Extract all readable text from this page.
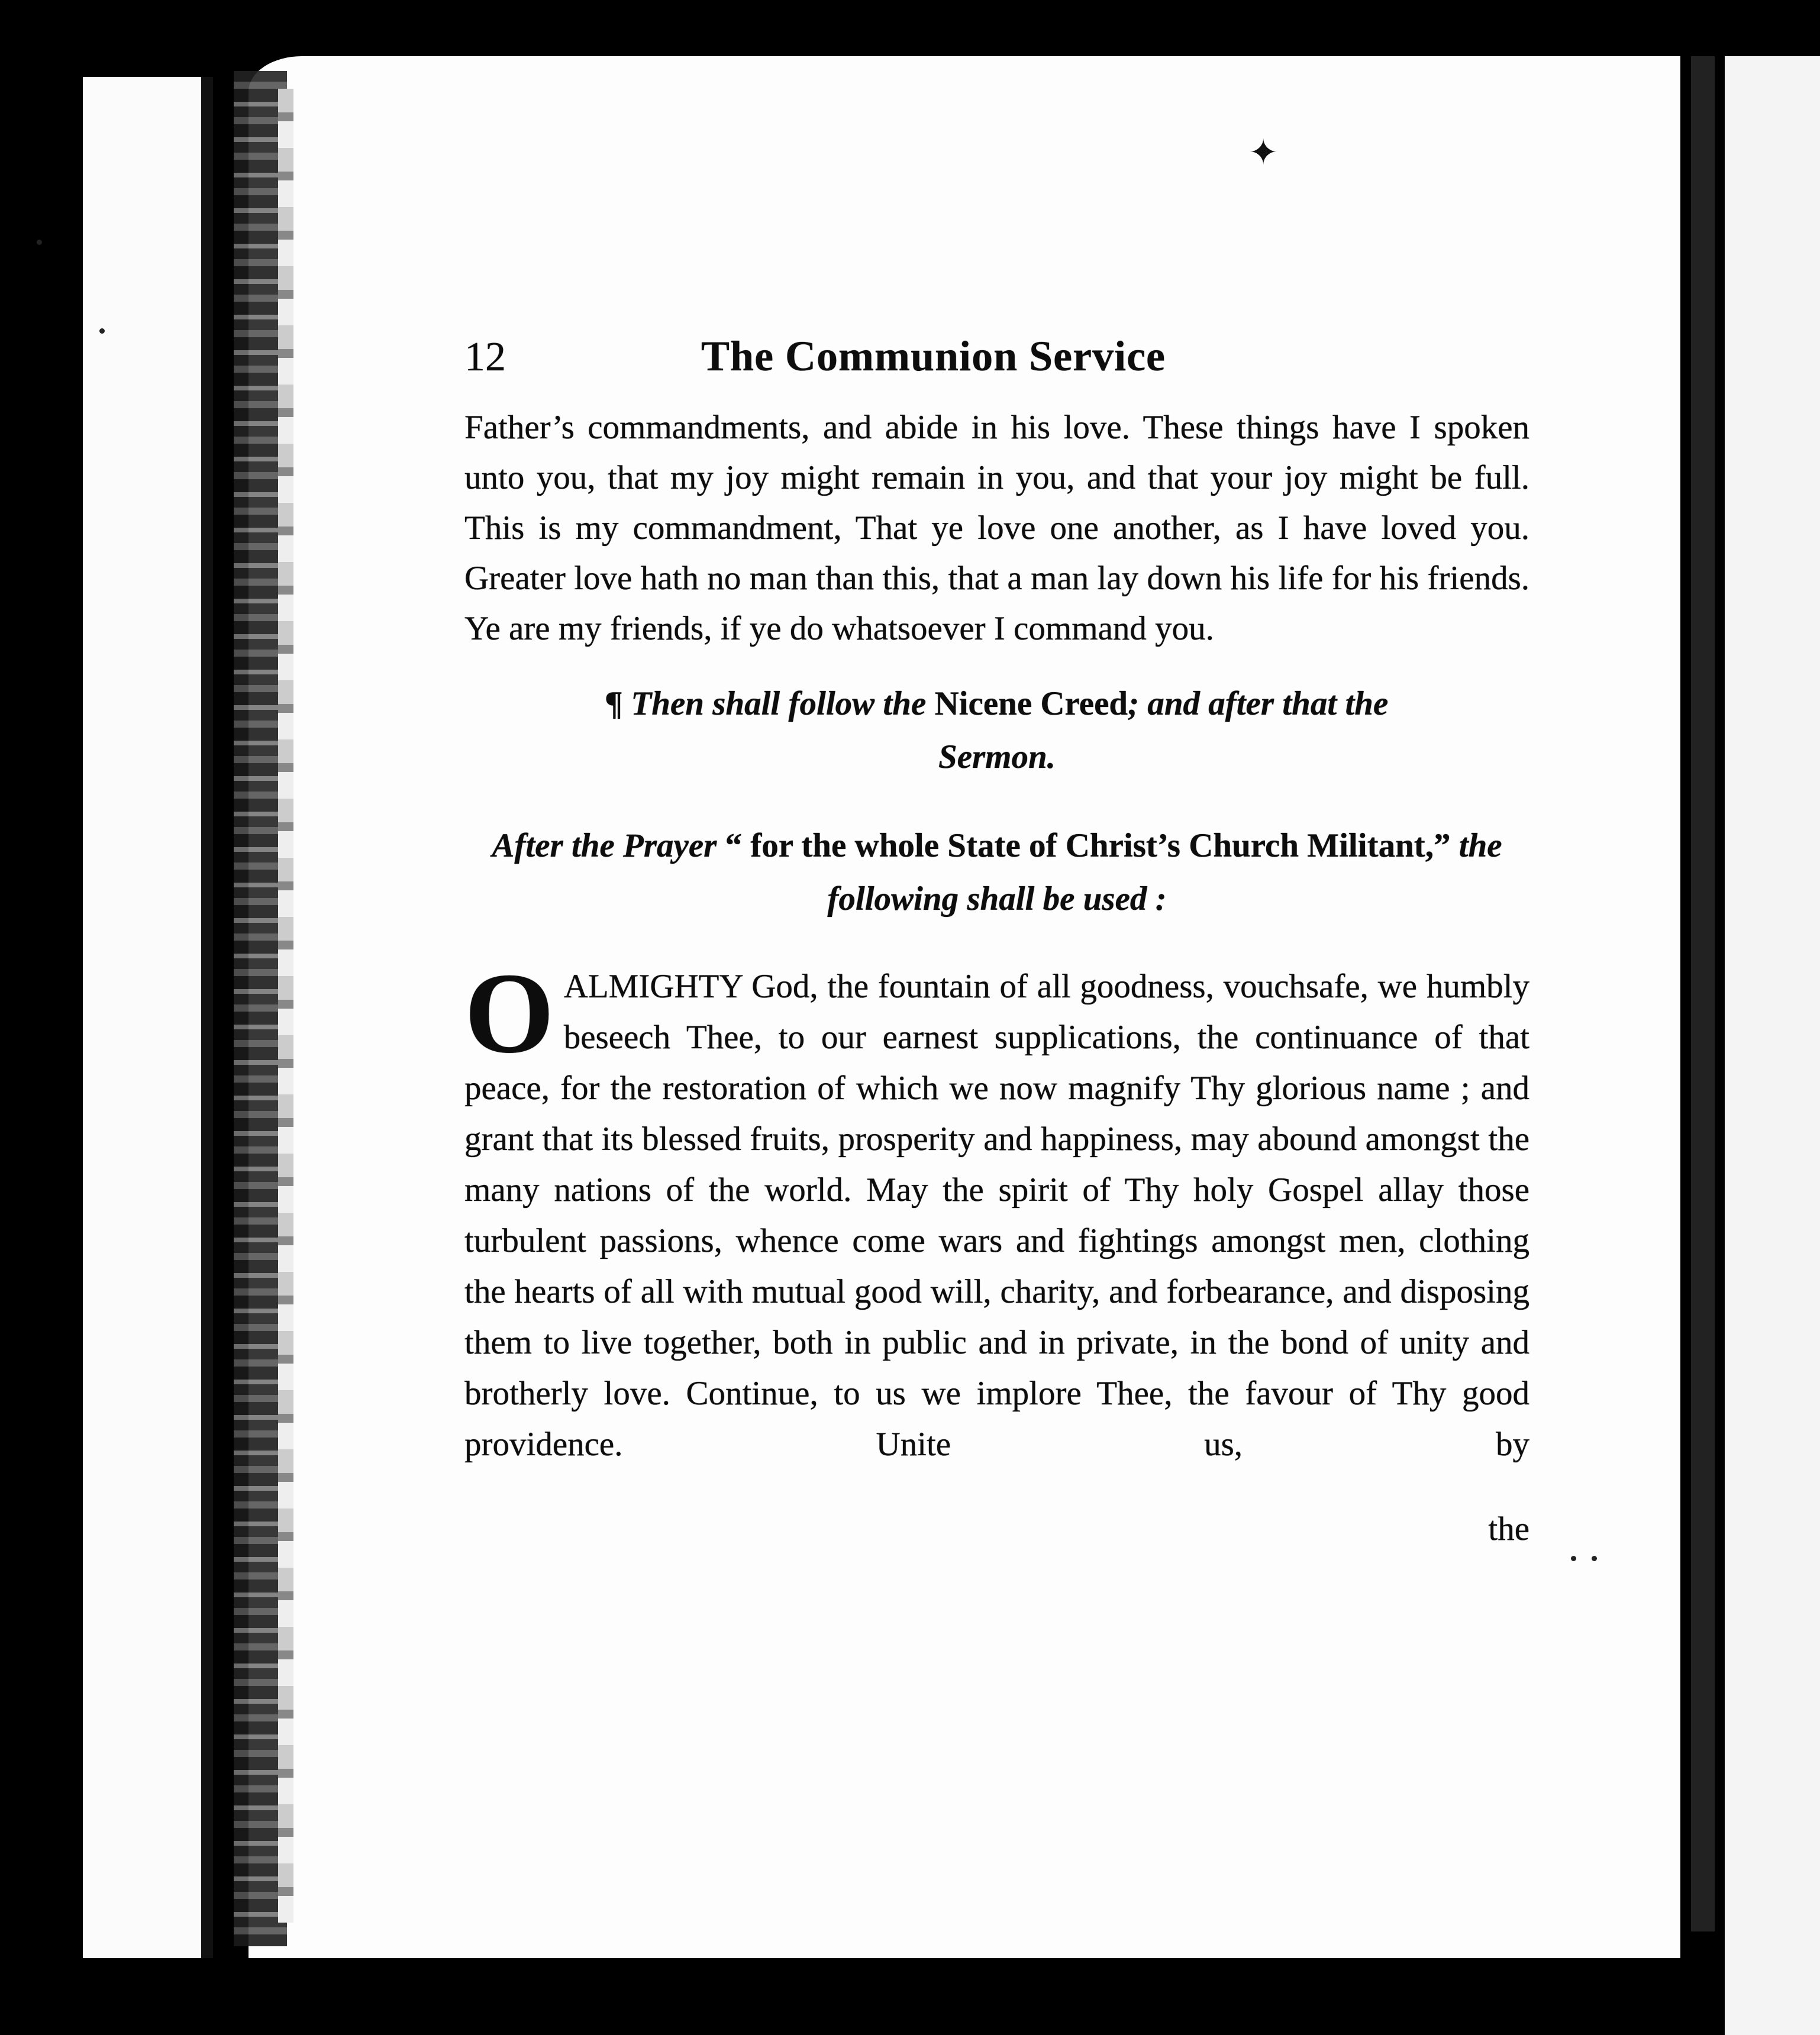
✦
12	The Communion Service

Father’s commandments, and abide in his love. These things have I spoken unto you, that my joy might remain in you, and that your joy might be full. This is my commandment, That ye love one another, as I have loved you. Greater love hath no man than this, that a man lay down his life for his friends. Ye are my friends, if ye do whatsoever I command you.

¶ Then shall follow the Nicene Creed; and after that the
Sermon.

After the Prayer “ for the whole State of Christ’s Church Militant,” the following shall be used :

O ALMIGHTY God, the fountain of all goodness, vouchsafe, we humbly beseech Thee, to our earnest supplications, the continuance of that peace, for the restoration of which we now magnify Thy glorious name ; and grant that its blessed fruits, prosperity and happiness, may abound amongst the many nations of the world. May the spirit of Thy holy Gospel allay those turbulent passions, whence come wars and fightings amongst men, clothing the hearts of all with mutual good will, charity, and forbearance, and disposing them to live together, both in public and in private, in the bond of unity and brotherly love. Continue, to us we implore Thee, the favour of Thy good providence. Unite us, by

the
